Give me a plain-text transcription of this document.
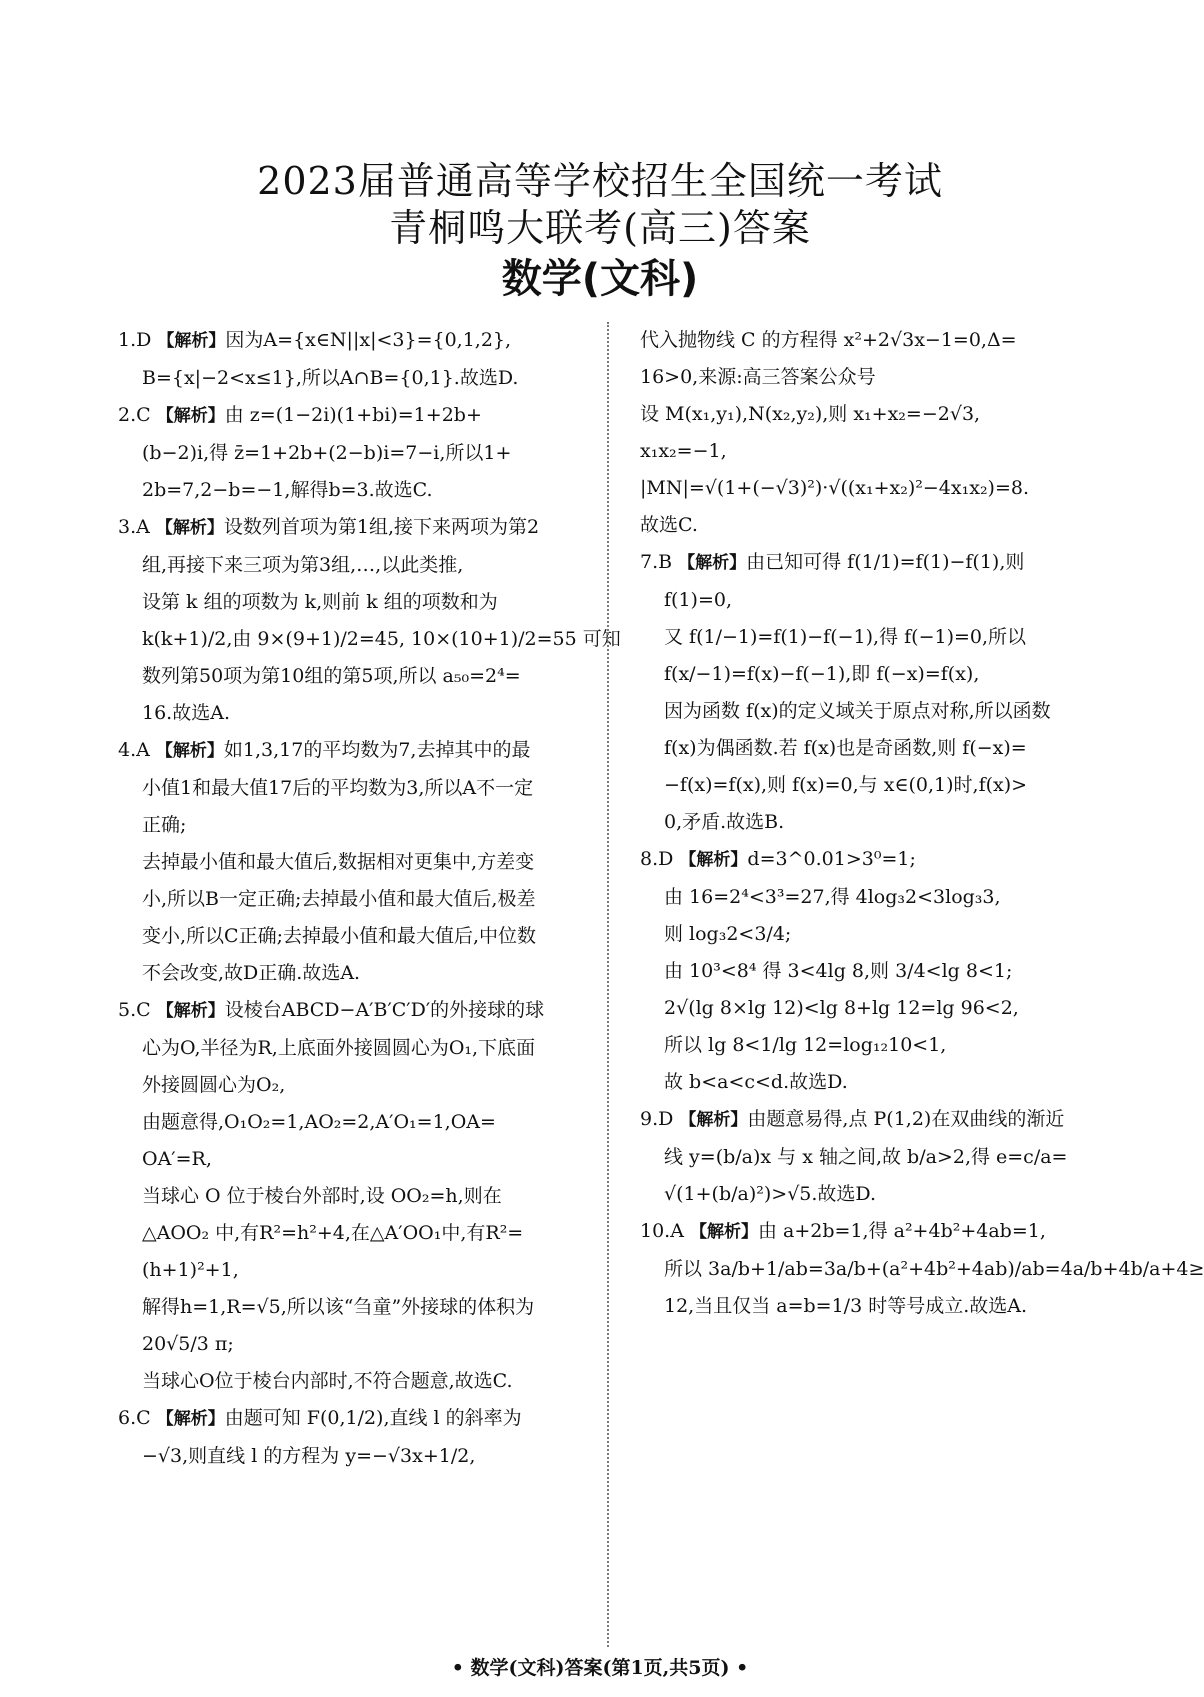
2023届普通高等学校招生全国统一考试
青桐鸣大联考(高三)答案
数学(文科)
1.D 【解析】因为A={x∈N||x|<3}={0,1,2},
B={x|−2<x≤1},所以A∩B={0,1}.故选D.
2.C 【解析】由 z=(1−2i)(1+bi)=1+2b+
(b−2)i,得 z̄=1+2b+(2−b)i=7−i,所以1+
2b=7,2−b=−1,解得b=3.故选C.
3.A 【解析】设数列首项为第1组,接下来两项为第2
组,再接下来三项为第3组,…,以此类推,
设第 k 组的项数为 k,则前 k 组的项数和为
k(k+1)/2,由 9×(9+1)/2=45, 10×(10+1)/2=55 可知
数列第50项为第10组的第5项,所以 a₅₀=2⁴=
16.故选A.
4.A 【解析】如1,3,17的平均数为7,去掉其中的最
小值1和最大值17后的平均数为3,所以A不一定
正确;
去掉最小值和最大值后,数据相对更集中,方差变
小,所以B一定正确;去掉最小值和最大值后,极差
变小,所以C正确;去掉最小值和最大值后,中位数
不会改变,故D正确.故选A.
5.C 【解析】设棱台ABCD−A′B′C′D′的外接球的球
心为O,半径为R,上底面外接圆圆心为O₁,下底面
外接圆圆心为O₂,
由题意得,O₁O₂=1,AO₂=2,A′O₁=1,OA=
OA′=R,
当球心 O 位于棱台外部时,设 OO₂=h,则在
△AOO₂ 中,有R²=h²+4,在△A′OO₁中,有R²=
(h+1)²+1,
解得h=1,R=√5,所以该“刍童”外接球的体积为
20√5/3 π;
当球心O位于棱台内部时,不符合题意,故选C.
6.C 【解析】由题可知 F(0,1/2),直线 l 的斜率为
−√3,则直线 l 的方程为 y=−√3x+1/2,
代入抛物线 C 的方程得 x²+2√3x−1=0,Δ=
16>0,来源:高三答案公众号
设 M(x₁,y₁),N(x₂,y₂),则 x₁+x₂=−2√3,
x₁x₂=−1,
|MN|=√(1+(−√3)²)·√((x₁+x₂)²−4x₁x₂)=8.
故选C.
7.B 【解析】由已知可得 f(1/1)=f(1)−f(1),则
f(1)=0,
又 f(1/−1)=f(1)−f(−1),得 f(−1)=0,所以
f(x/−1)=f(x)−f(−1),即 f(−x)=f(x),
因为函数 f(x)的定义域关于原点对称,所以函数
f(x)为偶函数.若 f(x)也是奇函数,则 f(−x)=
−f(x)=f(x),则 f(x)=0,与 x∈(0,1)时,f(x)>
0,矛盾.故选B.
8.D 【解析】d=3^0.01>3⁰=1;
由 16=2⁴<3³=27,得 4log₃2<3log₃3,
则 log₃2<3/4;
由 10³<8⁴ 得 3<4lg 8,则 3/4<lg 8<1;
2√(lg 8×lg 12)<lg 8+lg 12=lg 96<2,
所以 lg 8<1/lg 12=log₁₂10<1,
故 b<a<c<d.故选D.
9.D 【解析】由题意易得,点 P(1,2)在双曲线的渐近
线 y=(b/a)x 与 x 轴之间,故 b/a>2,得 e=c/a=
√(1+(b/a)²)>√5.故选D.
10.A 【解析】由 a+2b=1,得 a²+4b²+4ab=1,
所以 3a/b+1/ab=3a/b+(a²+4b²+4ab)/ab=4a/b+4b/a+4≥
12,当且仅当 a=b=1/3 时等号成立.故选A.
• 数学(文科)答案(第1页,共5页) •
